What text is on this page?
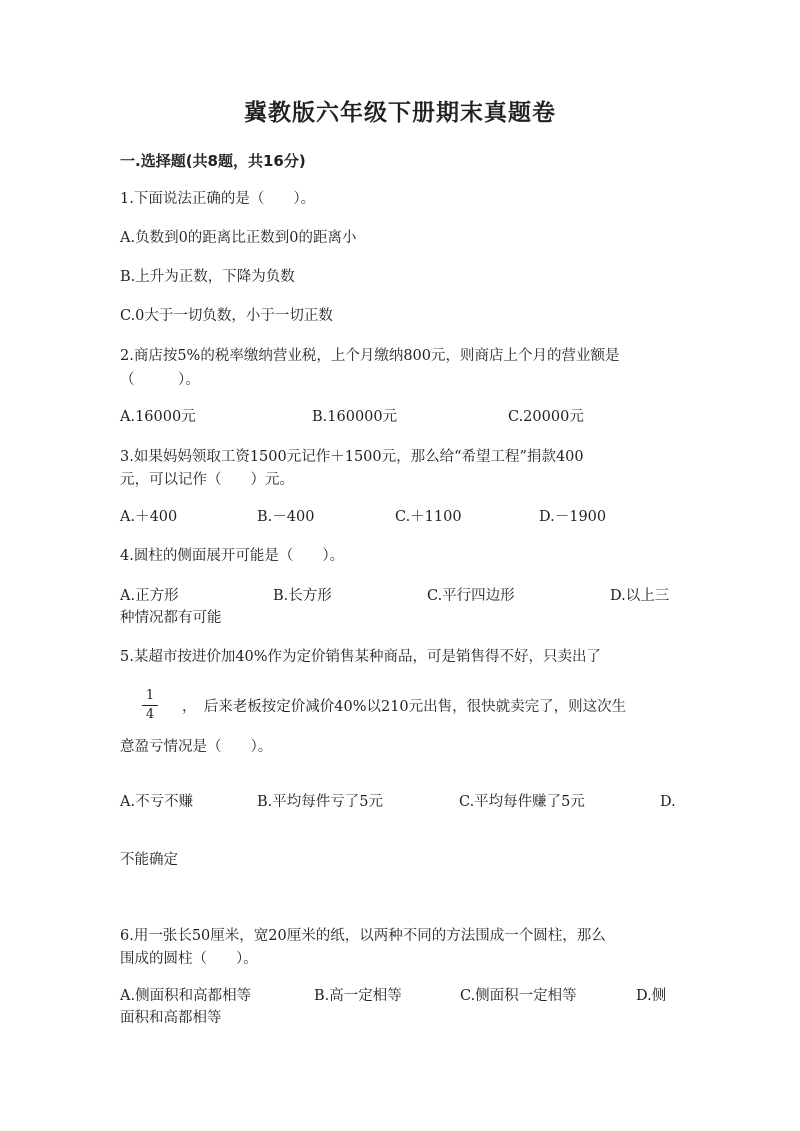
冀教版六年级下册期末真题卷
一.选择题(共8题，共16分)
1.下面说法正确的是（　　）。
A.负数到0的距离比正数到0的距离小
B.上升为正数，下降为负数
C.0大于一切负数，小于一切正数
2.商店按5%的税率缴纳营业税，上个月缴纳800元，则商店上个月的营业额是
（　　　）。
A.16000元	B.160000元	C.20000元
3.如果妈妈领取工资1500元记作＋1500元，那么给“希望工程”捐款400
元，可以记作（　　）元。
A.＋400	B.－400	C.＋1100	D.－1900
4.圆柱的侧面展开可能是（　　）。
A.正方形	B.长方形	C.平行四边形	D.以上三
种情况都有可能
5.某超市按进价加40%作为定价销售某种商品，可是销售得不好，只卖出了
1
4	，　后来老板按定价减价40%以210元出售，很快就卖完了，则这次生
意盈亏情况是（　　）。
A.不亏不赚	B.平均每件亏了5元	C.平均每件赚了5元	D.
不能确定
6.用一张长50厘米，宽20厘米的纸，以两种不同的方法围成一个圆柱，那么
围成的圆柱（　　）。
A.侧面积和高都相等	B.高一定相等	C.侧面积一定相等	D.侧
面积和高都相等
